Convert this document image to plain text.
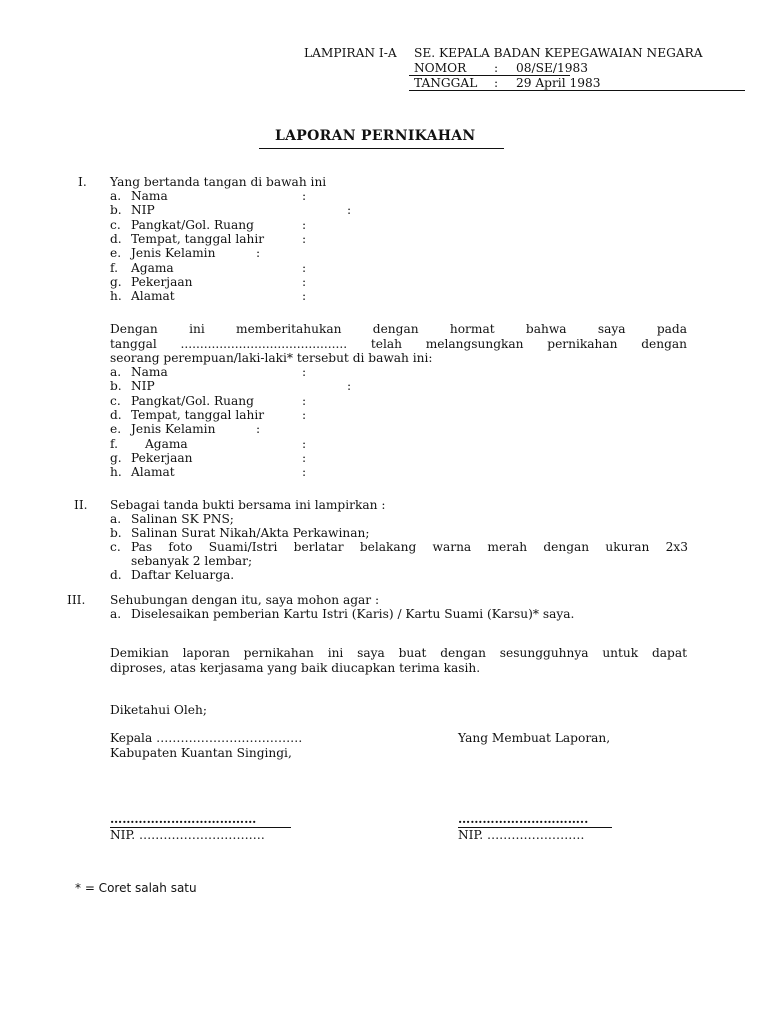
LAMPIRAN I-A SE. KEPALA BADAN KEPEGAWAIAN NEGARA
NOMOR : 08/SE/1983
TANGGAL : 29 April 1983
LAPORAN PERNIKAHAN
I. Yang bertanda tangan di bawah ini
a. Nama	:
b. NIP	:
c. Pangkat/Gol. Ruang	:
d. Tempat, tanggal lahir	:
e. Jenis Kelamin	:
f. Agama	:
g. Pekerjaan	:
h. Alamat	:
Dengan ini memberitahukan dengan hormat bahwa saya pada
tanggal ........................................... telah melangsungkan pernikahan dengan
seorang perempuan/laki-laki* tersebut di bawah ini:
a. Nama	:
b. NIP	:
c. Pangkat/Gol. Ruang	:
d. Tempat, tanggal lahir	:
e. Jenis Kelamin	:
f. Agama	:
g. Pekerjaan	:
h. Alamat	:
II. Sebagai tanda bukti bersama ini lampirkan :
a. Salinan SK PNS;
b. Salinan Surat Nikah/Akta Perkawinan;
c. Pas foto Suami/Istri berlatar belakang warna merah dengan ukuran 2x3
sebanyak 2 lembar;
d. Daftar Keluarga.
III. Sehubungan dengan itu, saya mohon agar :
a. Diselesaikan pemberian Kartu Istri (Karis) / Kartu Suami (Karsu)* saya.
Demikian laporan pernikahan ini saya buat dengan sesungguhnya untuk dapat
diproses, atas kerjasama yang baik diucapkan terima kasih.
Diketahui Oleh;
Kepala ………………………………
Kabupaten Kuantan Singingi,
Yang Membuat Laporan,
………………………………
NIP. ………………………….
…………………………..
NIP. ……………………
* = Coret salah satu
